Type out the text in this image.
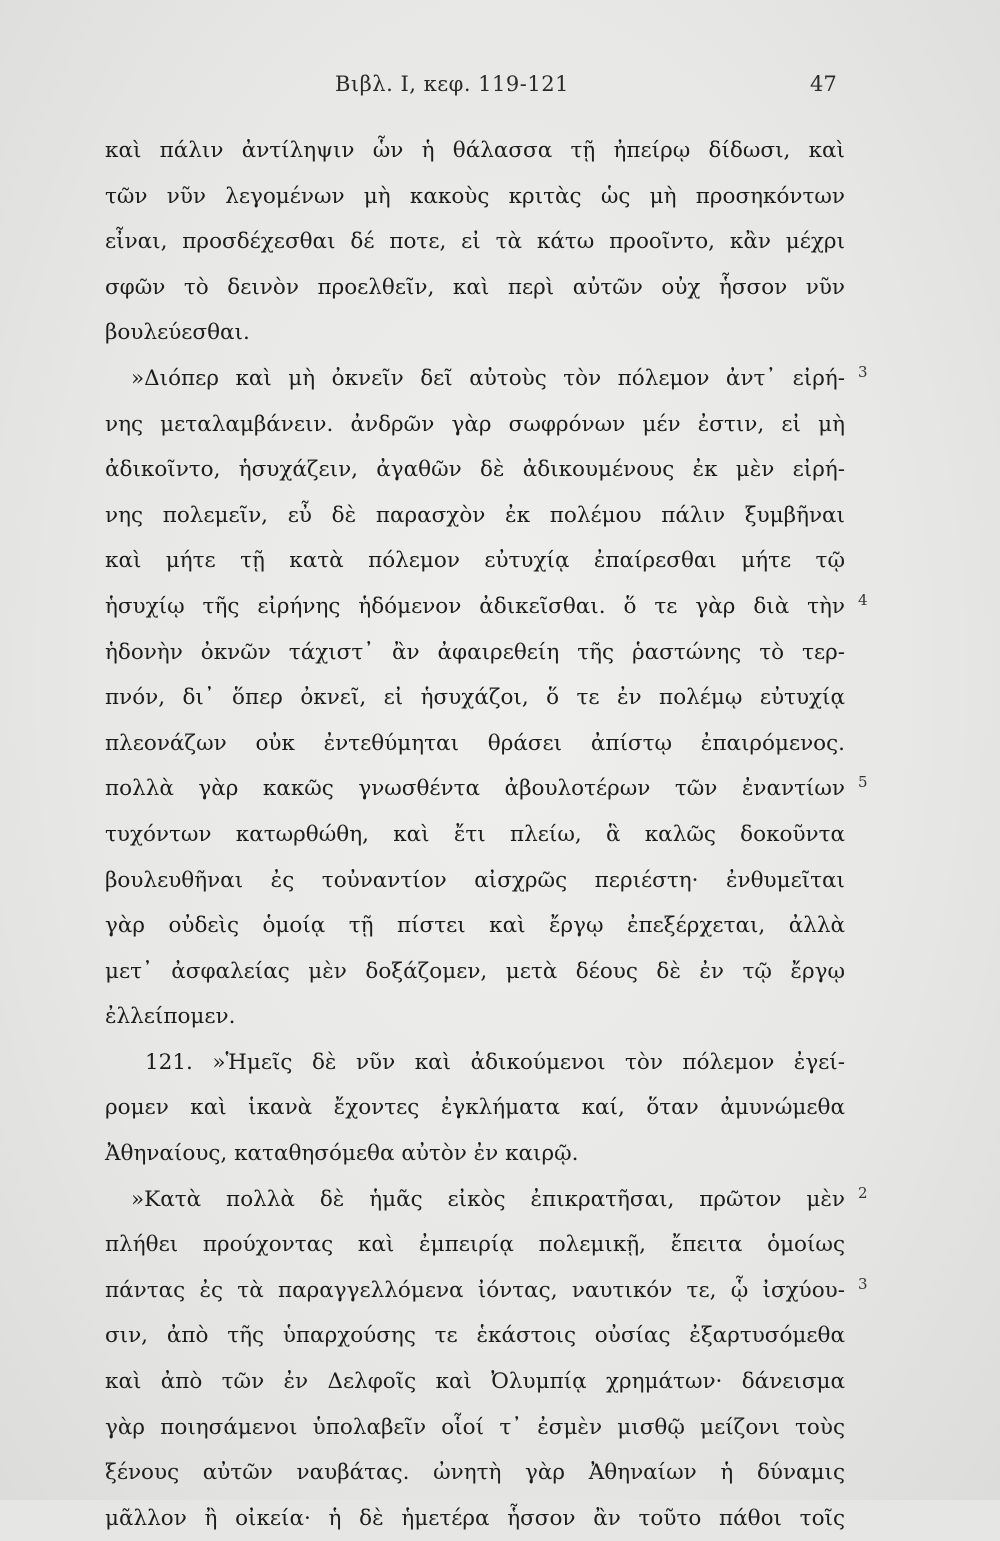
Βιβλ. Ι, κεφ. 119-121	47
καὶ πάλιν ἀντίληψιν ὧν ἡ θάλασσα τῇ ἠπείρῳ δίδωσι, καὶ
τῶν νῦν λεγομένων μὴ κακοὺς κριτὰς ὡς μὴ προσηκόντων
εἶναι, προσδέχεσθαι δέ ποτε, εἰ τὰ κάτω προοῖντο, κἂν μέχρι
σφῶν τὸ δεινὸν προελθεῖν, καὶ περὶ αὐτῶν οὐχ ἧσσον νῦν
βουλεύεσθαι.
»Διόπερ καὶ μὴ ὀκνεῖν δεῖ αὐτοὺς τὸν πόλεμον ἀντ᾽ εἰρή-
νης μεταλαμβάνειν. ἀνδρῶν γὰρ σωφρόνων μέν ἐστιν, εἰ μὴ
ἀδικοῖντο, ἡσυχάζειν, ἀγαθῶν δὲ ἀδικουμένους ἐκ μὲν εἰρή-
νης πολεμεῖν, εὖ δὲ παρασχὸν ἐκ πολέμου πάλιν ξυμβῆναι
καὶ μήτε τῇ κατὰ πόλεμον εὐτυχίᾳ ἐπαίρεσθαι μήτε τῷ
ἡσυχίῳ τῆς εἰρήνης ἡδόμενον ἀδικεῖσθαι. ὅ τε γὰρ διὰ τὴν
ἡδονὴν ὀκνῶν τάχιστ᾽ ἂν ἀφαιρεθείη τῆς ῥαστώνης τὸ τερ-
πνόν, δι᾽ ὅπερ ὀκνεῖ, εἰ ἡσυχάζοι, ὅ τε ἐν πολέμῳ εὐτυχίᾳ
πλεονάζων οὐκ ἐντεθύμηται θράσει ἀπίστῳ ἐπαιρόμενος.
πολλὰ γὰρ κακῶς γνωσθέντα ἀβουλοτέρων τῶν ἐναντίων
τυχόντων κατωρθώθη, καὶ ἔτι πλείω, ἃ καλῶς δοκοῦντα
βουλευθῆναι ἐς τοὐναντίον αἰσχρῶς περιέστη· ἐνθυμεῖται
γὰρ οὐδεὶς ὁμοίᾳ τῇ πίστει καὶ ἔργῳ ἐπεξέρχεται, ἀλλὰ
μετ᾽ ἀσφαλείας μὲν δοξάζομεν, μετὰ δέους δὲ ἐν τῷ ἔργῳ
ἐλλείπομεν.
121. »Ἡμεῖς δὲ νῦν καὶ ἀδικούμενοι τὸν πόλεμον ἐγεί-
ρομεν καὶ ἱκανὰ ἔχοντες ἐγκλήματα καί, ὅταν ἀμυνώμεθα
Ἀθηναίους, καταθησόμεθα αὐτὸν ἐν καιρῷ.
»Κατὰ πολλὰ δὲ ἡμᾶς εἰκὸς ἐπικρατῆσαι, πρῶτον μὲν
πλήθει προύχοντας καὶ ἐμπειρίᾳ πολεμικῇ, ἔπειτα ὁμοίως
πάντας ἐς τὰ παραγγελλόμενα ἰόντας, ναυτικόν τε, ᾧ ἰσχύου-
σιν, ἀπὸ τῆς ὑπαρχούσης τε ἑκάστοις οὐσίας ἐξαρτυσόμεθα
καὶ ἀπὸ τῶν ἐν Δελφοῖς καὶ Ὀλυμπίᾳ χρημάτων· δάνεισμα
γὰρ ποιησάμενοι ὑπολαβεῖν οἷοί τ᾽ ἐσμὲν μισθῷ μείζονι τοὺς
ξένους αὐτῶν ναυβάτας. ὠνητὴ γὰρ Ἀθηναίων ἡ δύναμις
μᾶλλον ἢ οἰκεία· ἡ δὲ ἡμετέρα ἧσσον ἂν τοῦτο πάθοι τοῖς
3
4
5
2
3
